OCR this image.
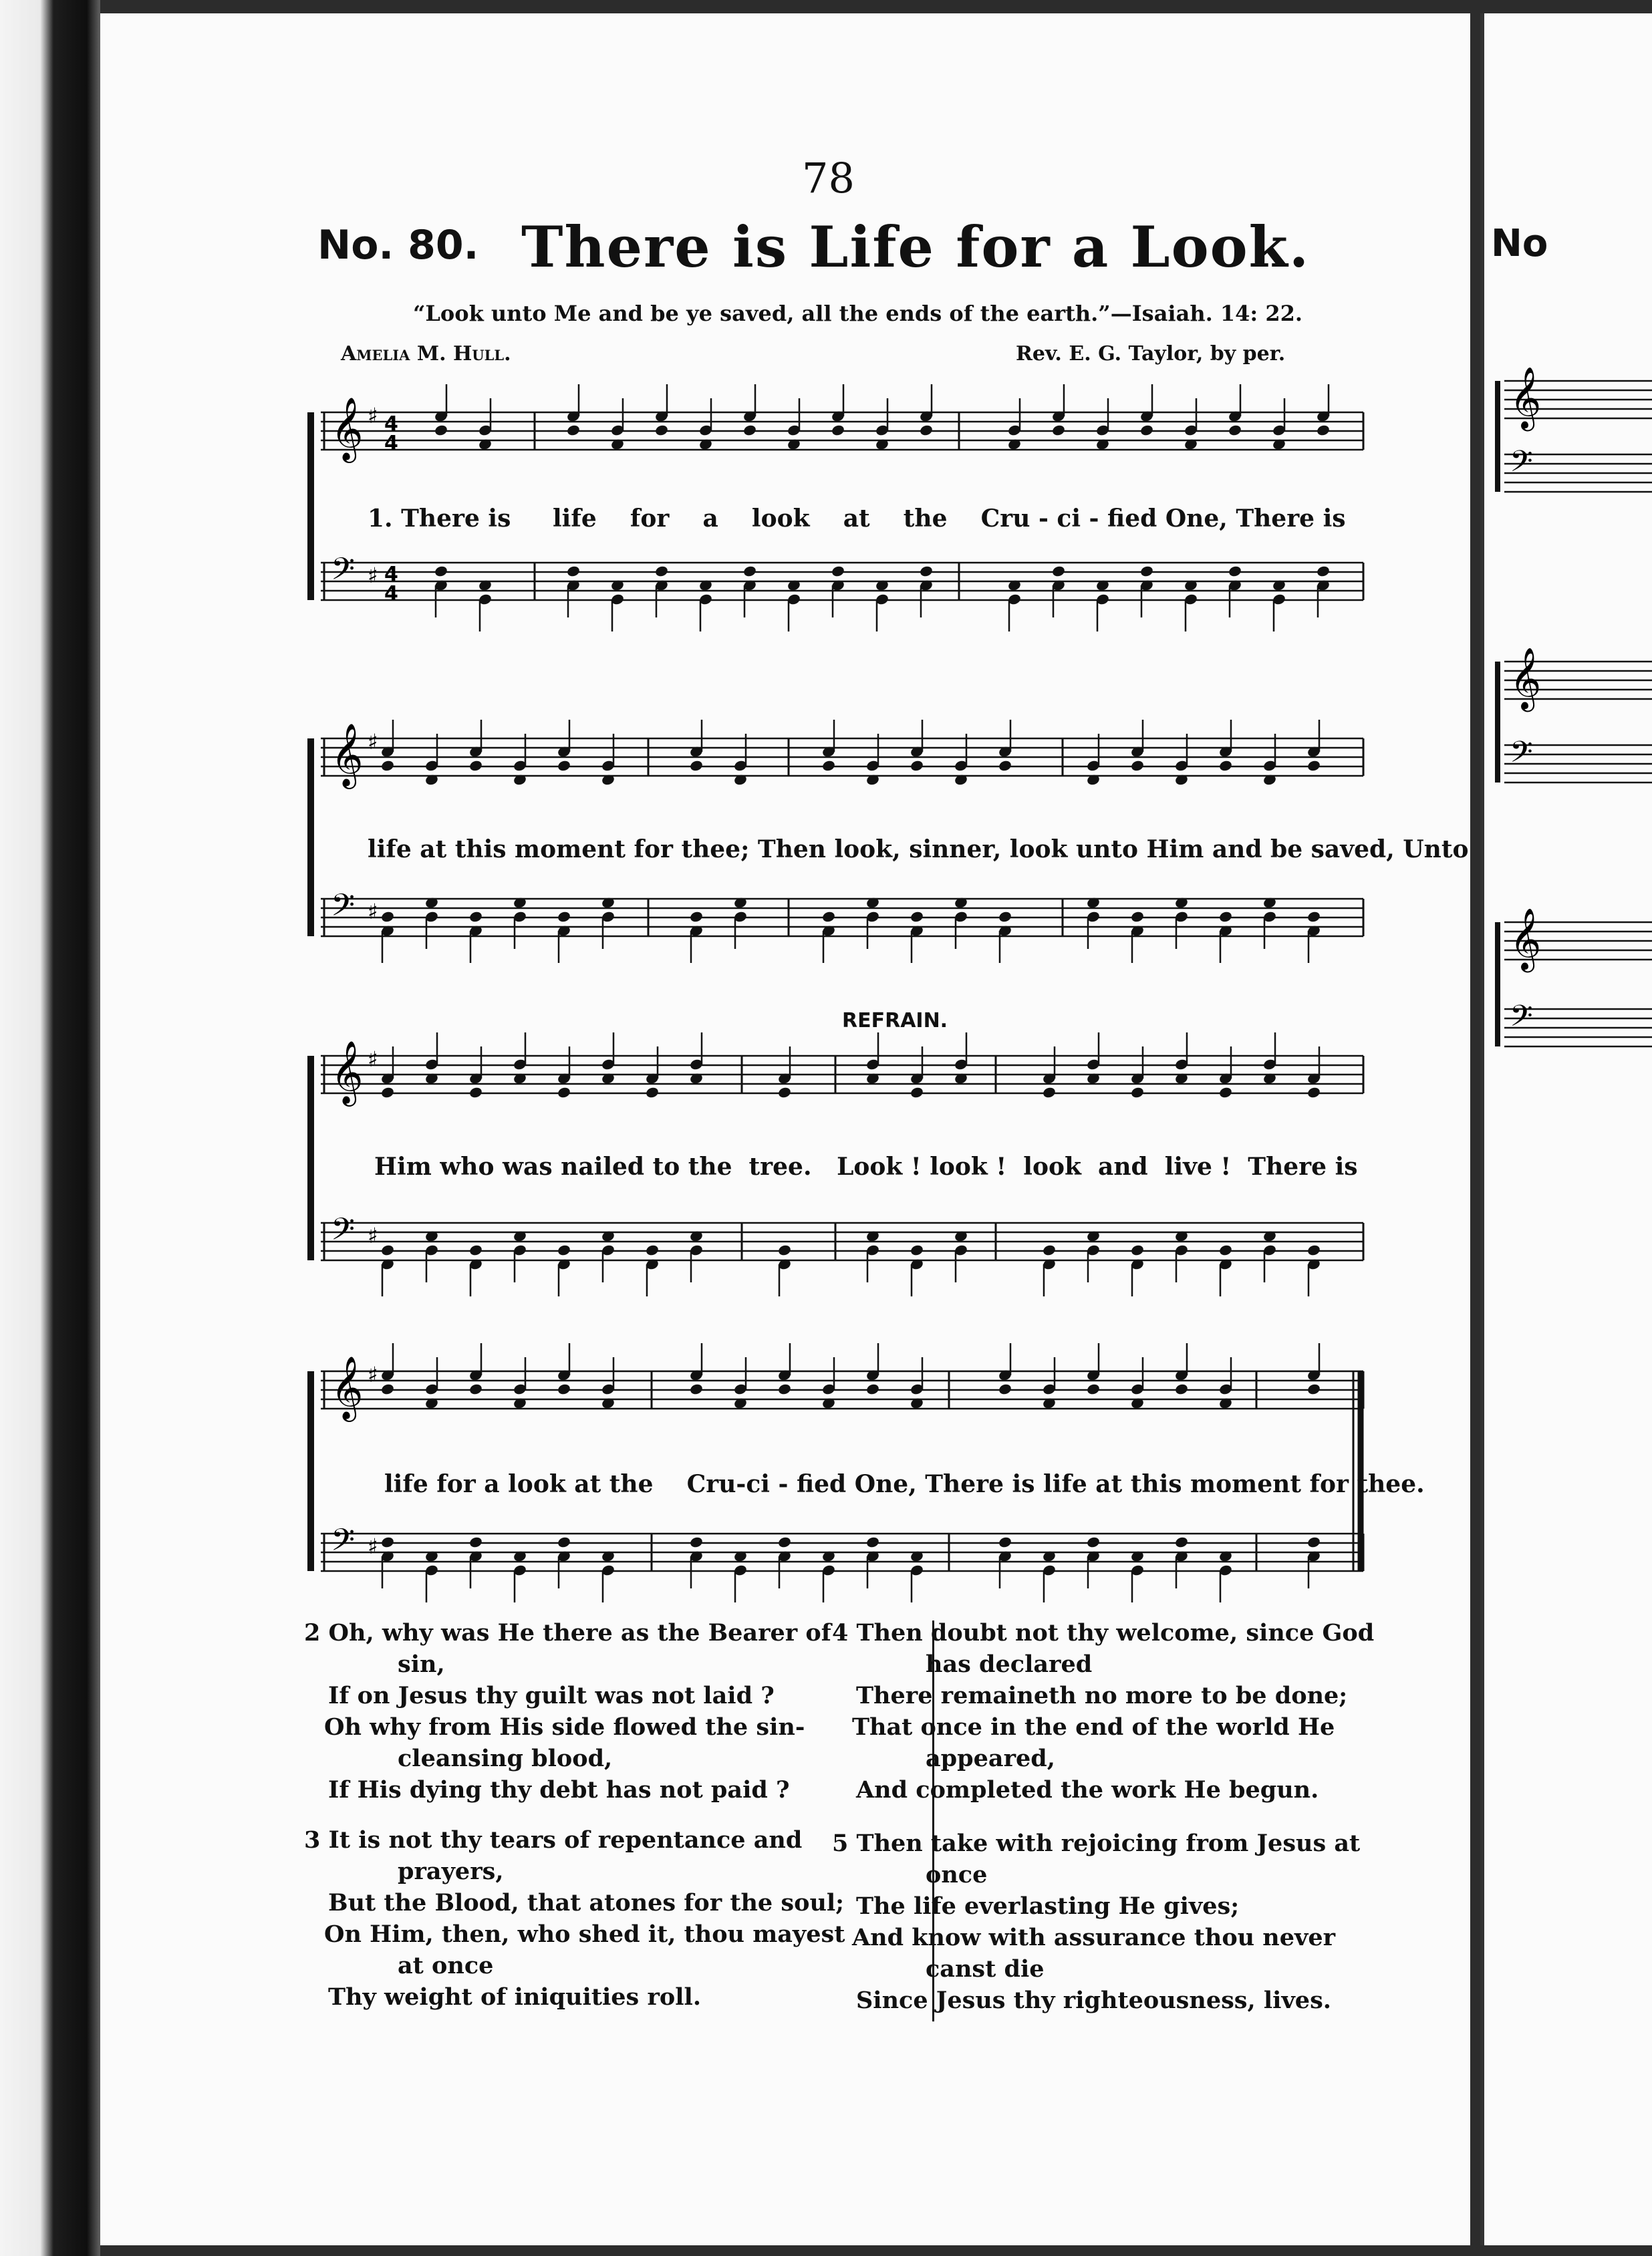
78
No. 80. There is Life for a Look.
“Look unto Me and be ye saved, all the ends of the earth.”—Isaiah. 14: 22.
Amelia M. Hull.	Rev. E. G. Taylor, by per.
𝄞 ♯ 4
4
𝄢 ♯ 4
4
𝄞 ♯
𝄢 ♯
𝄞 ♯
𝄢 ♯
𝄞 ♯
𝄢 ♯
1. There is     life    for    a    look    at    the    Cru - ci - fied One, There is
life at this moment for thee; Then look, sinner, look unto Him and be saved, Unto
REFRAIN.
Him who was nailed to the  tree.   Look ! look !  look  and  live !  There is
life for a look at the    Cru-ci - fied One, There is life at this moment for thee.
2 Oh, why was He there as the Bearer of
sin,
If on Jesus thy guilt was not laid ?
Oh why from His side flowed the sin-
cleansing blood,
If His dying thy debt has not paid ?
3 It is not thy tears of repentance and
prayers,
But the Blood, that atones for the soul;
On Him, then, who shed it, thou mayest
at once
Thy weight of iniquities roll.
4 Then doubt not thy welcome, since God
has declared
There remaineth no more to be done;
That once in the end of the world He
appeared,
And completed the work He begun.
5 Then take with rejoicing from Jesus at
once
The life everlasting He gives;
And know with assurance thou never
canst die
Since Jesus thy righteousness, lives.
No
𝄞
𝄢
𝄞
𝄢
𝄞
𝄢
